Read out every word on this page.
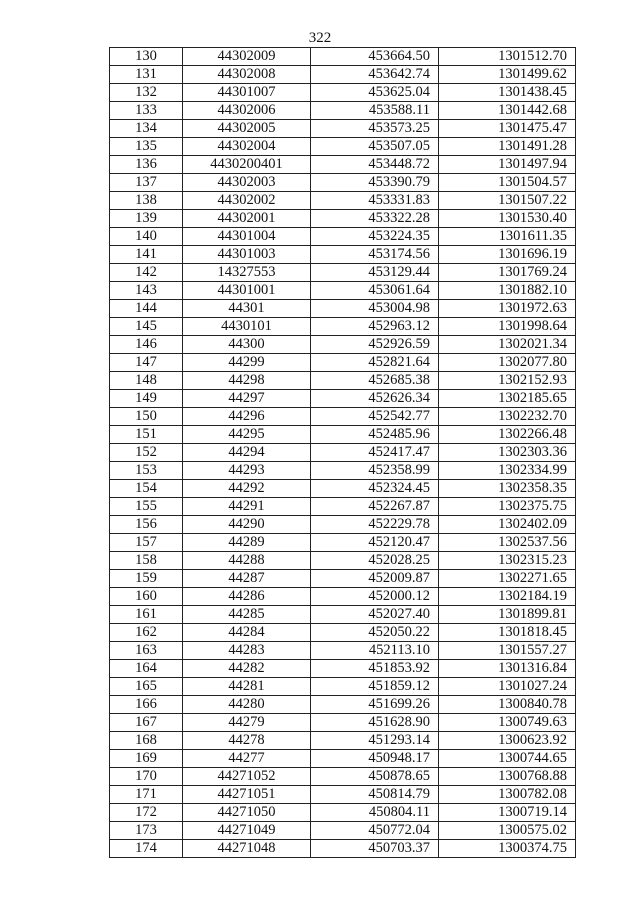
322
130	44302009	453664.50	1301512.70
131	44302008	453642.74	1301499.62
132	44301007	453625.04	1301438.45
133	44302006	453588.11	1301442.68
134	44302005	453573.25	1301475.47
135	44302004	453507.05	1301491.28
136	4430200401	453448.72	1301497.94
137	44302003	453390.79	1301504.57
138	44302002	453331.83	1301507.22
139	44302001	453322.28	1301530.40
140	44301004	453224.35	1301611.35
141	44301003	453174.56	1301696.19
142	14327553	453129.44	1301769.24
143	44301001	453061.64	1301882.10
144	44301	453004.98	1301972.63
145	4430101	452963.12	1301998.64
146	44300	452926.59	1302021.34
147	44299	452821.64	1302077.80
148	44298	452685.38	1302152.93
149	44297	452626.34	1302185.65
150	44296	452542.77	1302232.70
151	44295	452485.96	1302266.48
152	44294	452417.47	1302303.36
153	44293	452358.99	1302334.99
154	44292	452324.45	1302358.35
155	44291	452267.87	1302375.75
156	44290	452229.78	1302402.09
157	44289	452120.47	1302537.56
158	44288	452028.25	1302315.23
159	44287	452009.87	1302271.65
160	44286	452000.12	1302184.19
161	44285	452027.40	1301899.81
162	44284	452050.22	1301818.45
163	44283	452113.10	1301557.27
164	44282	451853.92	1301316.84
165	44281	451859.12	1301027.24
166	44280	451699.26	1300840.78
167	44279	451628.90	1300749.63
168	44278	451293.14	1300623.92
169	44277	450948.17	1300744.65
170	44271052	450878.65	1300768.88
171	44271051	450814.79	1300782.08
172	44271050	450804.11	1300719.14
173	44271049	450772.04	1300575.02
174	44271048	450703.37	1300374.75
